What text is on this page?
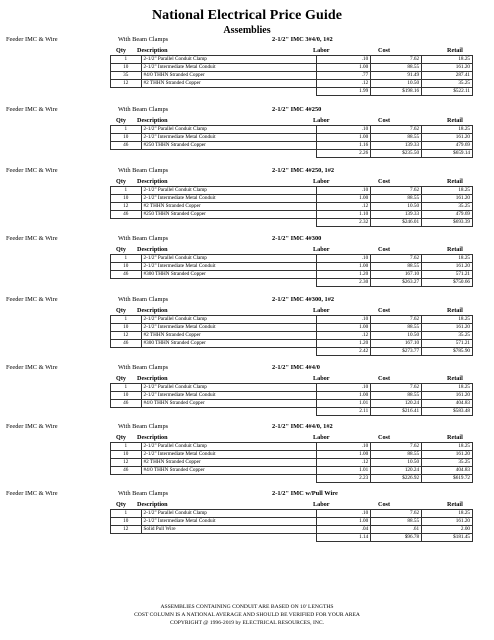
National Electrical Price Guide
Assemblies
Feeder IMC & Wire	With Beam Clamps	2-1/2" IMC 3#4/0, 1#2
Qty Description	Labor	Cost	Retail
1	2-1/2" Parallel Conduit Clamp	.10	7.62	18.25
10	2-1/2" Intermediate Metal Conduit	1.00	88.55	161.20
35	#4/0 THHN Stranded Copper	.77	91.49	287.41
12	#2 THHN Stranded Copper	.12	10.50	35.25
		1.99	$198.16	$522.11
Feeder IMC & Wire	With Beam Clamps	2-1/2" IMC 4#250
Qty Description	Labor	Cost	Retail
1	2-1/2" Parallel Conduit Clamp	.10	7.62	18.25
10	2-1/2" Intermediate Metal Conduit	1.00	88.55	161.20
46	#250 THHN Stranded Copper	1.16	139.33	479.69
		2.26	$235.50	$659.14
Feeder IMC & Wire	With Beam Clamps	2-1/2" IMC 4#250, 1#2
Qty Description	Labor	Cost	Retail
1	2-1/2" Parallel Conduit Clamp	.10	7.62	18.25
10	2-1/2" Intermediate Metal Conduit	1.00	88.55	161.20
12	#2 THHN Stranded Copper	.12	10.50	35.25
46	#250 THHN Stranded Copper	1.10	139.33	479.69
		2.32	$246.01	$693.39
Feeder IMC & Wire	With Beam Clamps	2-1/2" IMC 4#300
Qty Description	Labor	Cost	Retail
1	2-1/2" Parallel Conduit Clamp	.10	7.62	18.25
10	2-1/2" Intermediate Metal Conduit	1.00	88.55	161.20
46	#300 THHN Stranded Copper	1.20	167.10	571.21
		2.30	$263.27	$750.66
Feeder IMC & Wire	With Beam Clamps	2-1/2" IMC 4#300, 1#2
Qty Description	Labor	Cost	Retail
1	2-1/2" Parallel Conduit Clamp	.10	7.62	18.25
10	2-1/2" Intermediate Metal Conduit	1.00	88.55	161.20
12	#2 THHN Stranded Copper	.12	10.50	35.25
46	#300 THHN Stranded Copper	1.20	167.10	571.21
		2.42	$273.77	$785.90
Feeder IMC & Wire	With Beam Clamps	2-1/2" IMC 4#4/0
Qty Description	Labor	Cost	Retail
1	2-1/2" Parallel Conduit Clamp	.10	7.62	18.25
10	2-1/2" Intermediate Metal Conduit	1.00	88.55	161.20
46	#4/0 THHN Stranded Copper	1.01	120.24	404.83
		2.11	$216.41	$583.48
Feeder IMC & Wire	With Beam Clamps	2-1/2" IMC 4#4/0, 1#2
Qty Description	Labor	Cost	Retail
1	2-1/2" Parallel Conduit Clamp	.10	7.62	18.25
10	2-1/2" Intermediate Metal Conduit	1.00	88.55	161.20
12	#2 THHN Stranded Copper	.12	10.50	35.25
46	#4/0 THHN Stranded Copper	1.01	120.24	404.83
		2.23	$226.92	$619.72
Feeder IMC & Wire	With Beam Clamps	2-1/2" IMC w/Pull Wire
Qty Description	Labor	Cost	Retail
1	2-1/2" Parallel Conduit Clamp	.10	7.62	18.25
10	2-1/2" Intermediate Metal Conduit	1.00	88.55	161.20
12	Solid Pull Wire	.04	.61	2.00
		1.14	$96.78	$181.45
ASSEMBLIES CONTAINING CONDUIT ARE BASED ON 10' LENGTHS
COST COLUMN IS A NATIONAL AVERAGE AND SHOULD BE VERIFIED FOR YOUR AREA
COPYRIGHT @ 1996-2019 by ELECTRICAL RESOURCES, INC.
